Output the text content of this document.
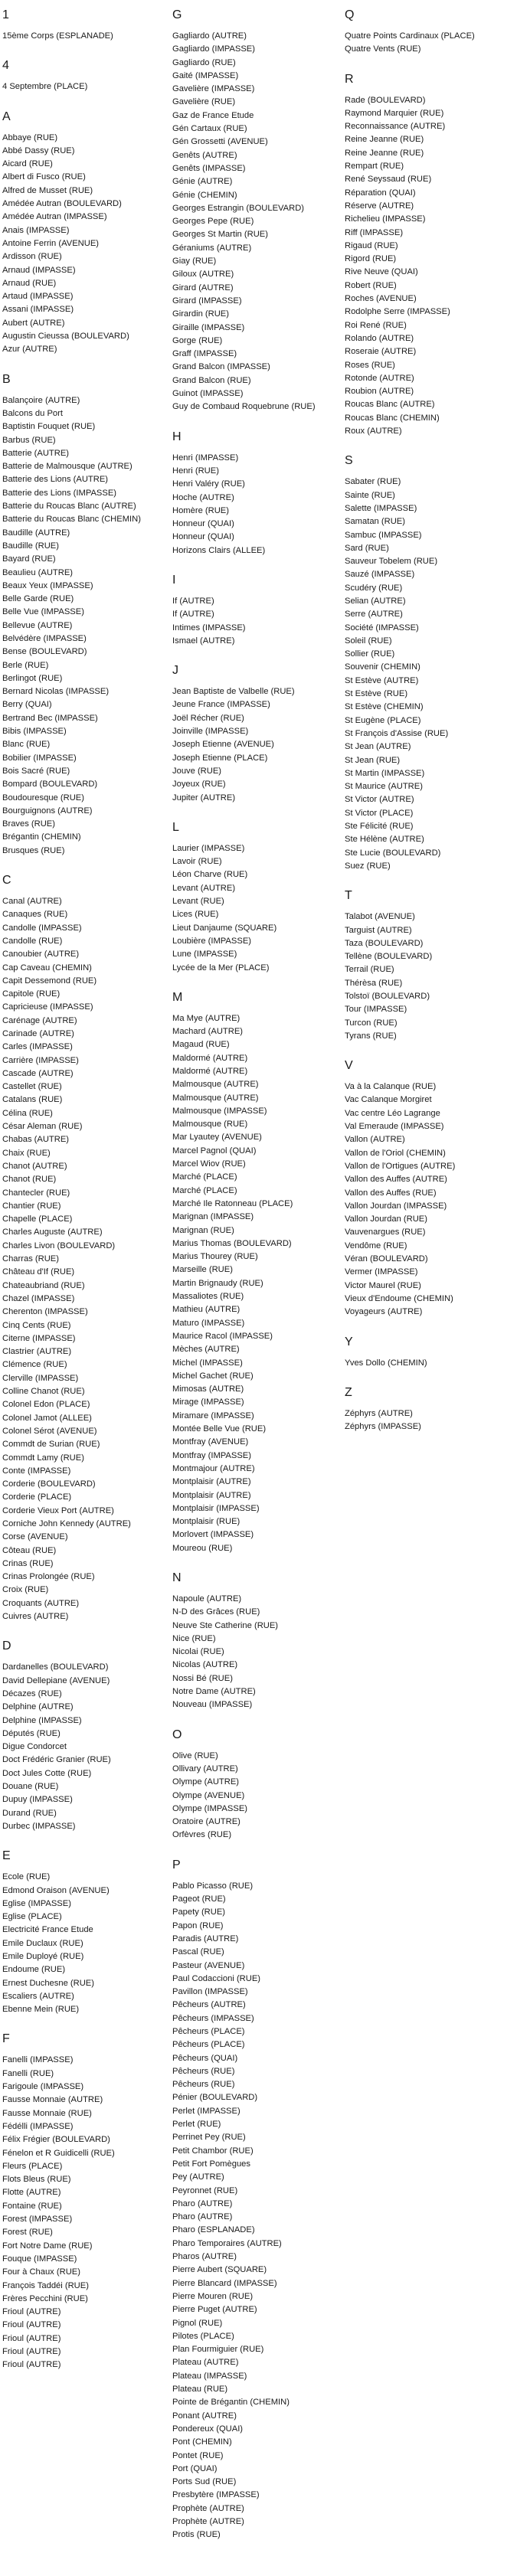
1
15ème Corps (ESPLANADE)
4
4 Septembre (PLACE)
A
Abbaye (RUE)
Abbé Dassy (RUE)
Aicard (RUE)
Albert di Fusco (RUE)
Alfred de Musset (RUE)
Amédée Autran (BOULEVARD)
Amédée Autran (IMPASSE)
Anais (IMPASSE)
Antoine Ferrin (AVENUE)
Ardisson (RUE)
Arnaud (IMPASSE)
Arnaud (RUE)
Artaud (IMPASSE)
Assani (IMPASSE)
Aubert (AUTRE)
Augustin Cieussa (BOULEVARD)
Azur (AUTRE)
B
Balançoire (AUTRE)
Balcons du Port
Baptistin Fouquet (RUE)
Barbus (RUE)
Batterie (AUTRE)
Batterie de Malmousque (AUTRE)
Batterie des Lions (AUTRE)
Batterie des Lions (IMPASSE)
Batterie du Roucas Blanc (AUTRE)
Batterie du Roucas Blanc (CHEMIN)
Baudille (AUTRE)
Baudille (RUE)
Bayard (RUE)
Beaulieu (AUTRE)
Beaux Yeux (IMPASSE)
Belle Garde (RUE)
Belle Vue (IMPASSE)
Bellevue (AUTRE)
Belvédère (IMPASSE)
Bense (BOULEVARD)
Berle (RUE)
Berlingot (RUE)
Bernard Nicolas (IMPASSE)
Berry (QUAI)
Bertrand Bec (IMPASSE)
Bibis (IMPASSE)
Blanc (RUE)
Bobilier (IMPASSE)
Bois Sacré (RUE)
Bompard (BOULEVARD)
Boudouresque (RUE)
Bourguignons (AUTRE)
Braves (RUE)
Brégantin (CHEMIN)
Brusques (RUE)
C
Canal (AUTRE)
Canaques (RUE)
Candolle (IMPASSE)
Candolle (RUE)
Canoubier (AUTRE)
Cap Caveau (CHEMIN)
Capit Dessemond (RUE)
Capitole (RUE)
Capricieuse (IMPASSE)
Carénage (AUTRE)
Carinade (AUTRE)
Carles (IMPASSE)
Carrière (IMPASSE)
Cascade (AUTRE)
Castellet (RUE)
Catalans (RUE)
Célina (RUE)
César Aleman (RUE)
Chabas (AUTRE)
Chaix (RUE)
Chanot (AUTRE)
Chanot (RUE)
Chantecler (RUE)
Chantier (RUE)
Chapelle (PLACE)
Charles Auguste (AUTRE)
Charles Livon (BOULEVARD)
Charras (RUE)
Château d'If (RUE)
Chateaubriand (RUE)
Chazel (IMPASSE)
Cherenton (IMPASSE)
Cinq Cents (RUE)
Citerne (IMPASSE)
Clastrier (AUTRE)
Clémence (RUE)
Clerville (IMPASSE)
Colline Chanot (RUE)
Colonel Edon (PLACE)
Colonel Jamot (ALLEE)
Colonel Sérot (AVENUE)
Commdt de Surian (RUE)
Commdt Lamy (RUE)
Conte (IMPASSE)
Corderie (BOULEVARD)
Corderie (PLACE)
Corderie Vieux Port (AUTRE)
Corniche John Kennedy (AUTRE)
Corse (AVENUE)
Côteau (RUE)
Crinas (RUE)
Crinas Prolongée (RUE)
Croix (RUE)
Croquants (AUTRE)
Cuivres (AUTRE)
D
Dardanelles (BOULEVARD)
David Dellepiane (AVENUE)
Décazes (RUE)
Delphine (AUTRE)
Delphine (IMPASSE)
Députés (RUE)
Digue Condorcet
Doct Frédéric Granier (RUE)
Doct Jules Cotte (RUE)
Douane (RUE)
Dupuy (IMPASSE)
Durand (RUE)
Durbec (IMPASSE)
E
Ecole (RUE)
Edmond Oraison (AVENUE)
Eglise (IMPASSE)
Eglise (PLACE)
Electricité France Etude
Emile Duclaux (RUE)
Emile Duployé (RUE)
Endoume (RUE)
Ernest Duchesne (RUE)
Escaliers (AUTRE)
Ebenne Mein (RUE)
F
Fanelli (IMPASSE)
Fanelli (RUE)
Farigoule (IMPASSE)
Fausse Monnaie (AUTRE)
Fausse Monnaie (RUE)
Fédélli (IMPASSE)
Félix Frégier (BOULEVARD)
Fénelon et R Guidicelli (RUE)
Fleurs (PLACE)
Flots Bleus (RUE)
Flotte (AUTRE)
Fontaine (RUE)
Forest (IMPASSE)
Forest (RUE)
Fort Notre Dame (RUE)
Fouque (IMPASSE)
Four à Chaux (RUE)
François Taddéi (RUE)
Frères Pecchini (RUE)
Frioul (AUTRE)
Frioul (AUTRE)
Frioul (AUTRE)
Frioul (AUTRE)
Frioul (AUTRE)
G
Gagliardo (AUTRE)
Gagliardo (IMPASSE)
Gagliardo (RUE)
Gaité (IMPASSE)
Gavelière (IMPASSE)
Gavelière (RUE)
Gaz de France Etude
Gén Cartaux (RUE)
Gén Grossetti (AVENUE)
Genêts (AUTRE)
Genêts (IMPASSE)
Génie (AUTRE)
Génie (CHEMIN)
Georges Estrangin (BOULEVARD)
Georges Pepe (RUE)
Georges St Martin (RUE)
Géraniums (AUTRE)
Giay (RUE)
Giloux (AUTRE)
Girard (AUTRE)
Girard (IMPASSE)
Girardin (RUE)
Giraille (IMPASSE)
Gorge (RUE)
Graff (IMPASSE)
Grand Balcon (IMPASSE)
Grand Balcon (RUE)
Guinot (IMPASSE)
Guy de Combaud Roquebrune (RUE)
H
Henri (IMPASSE)
Henri (RUE)
Henri Valéry (RUE)
Hoche (AUTRE)
Homère (RUE)
Honneur (QUAI)
Honneur (QUAI)
Horizons Clairs (ALLEE)
I
If (AUTRE)
If (AUTRE)
Intimes (IMPASSE)
Ismael (AUTRE)
J
Jean Baptiste de Valbelle (RUE)
Jeune France (IMPASSE)
Joël Récher (RUE)
Joinville (IMPASSE)
Joseph Etienne (AVENUE)
Joseph Etienne (PLACE)
Jouve (RUE)
Joyeux (RUE)
Jupiter (AUTRE)
L
Laurier (IMPASSE)
Lavoir (RUE)
Léon Charve (RUE)
Levant (AUTRE)
Levant (RUE)
Lices (RUE)
Lieut Danjaume (SQUARE)
Loubière (IMPASSE)
Lune (IMPASSE)
Lycée de la Mer (PLACE)
M
Ma Mye (AUTRE)
Machard (AUTRE)
Magaud (RUE)
Maldormé (AUTRE)
Maldormé (AUTRE)
Malmousque (AUTRE)
Malmousque (AUTRE)
Malmousque (IMPASSE)
Malmousque (RUE)
Mar Lyautey (AVENUE)
Marcel Pagnol (QUAI)
Marcel Wiov (RUE)
Marché (PLACE)
Marché (PLACE)
Marché Ile Ratonneau (PLACE)
Marignan (IMPASSE)
Marignan (RUE)
Marius Thomas (BOULEVARD)
Marius Thourey (RUE)
Marseille (RUE)
Martin Brignaudy (RUE)
Massaliotes (RUE)
Mathieu (AUTRE)
Maturo (IMPASSE)
Maurice Racol (IMPASSE)
Mèches (AUTRE)
Michel (IMPASSE)
Michel Gachet (RUE)
Mimosas (AUTRE)
Mirage (IMPASSE)
Miramare (IMPASSE)
Montée Belle Vue (RUE)
Montfray (AVENUE)
Montfray (IMPASSE)
Montmajour (AUTRE)
Montplaisir (AUTRE)
Montplaisir (AUTRE)
Montplaisir (IMPASSE)
Montplaisir (RUE)
Morlovert (IMPASSE)
Moureou (RUE)
N
Napoule (AUTRE)
N-D des Grâces (RUE)
Neuve Ste Catherine (RUE)
Nice (RUE)
Nicolai (RUE)
Nicolas (AUTRE)
Nossi Bé (RUE)
Notre Dame (AUTRE)
Nouveau (IMPASSE)
O
Olive (RUE)
Ollivary (AUTRE)
Olympe (AUTRE)
Olympe (AVENUE)
Olympe (IMPASSE)
Oratoire (AUTRE)
Orfèvres (RUE)
P
Pablo Picasso (RUE)
Pageot (RUE)
Papety (RUE)
Papon (RUE)
Paradis (AUTRE)
Pascal (RUE)
Pasteur (AVENUE)
Paul Codaccioni (RUE)
Pavillon (IMPASSE)
Pêcheurs (AUTRE)
Pêcheurs (IMPASSE)
Pêcheurs (PLACE)
Pêcheurs (PLACE)
Pêcheurs (QUAI)
Pêcheurs (RUE)
Pêcheurs (RUE)
Pénier (BOULEVARD)
Perlet (IMPASSE)
Perlet (RUE)
Perrinet Pey (RUE)
Petit Chambor (RUE)
Petit Fort Pomègues
Pey (AUTRE)
Peyronnet (RUE)
Pharo (AUTRE)
Pharo (AUTRE)
Pharo (ESPLANADE)
Pharo Temporaires (AUTRE)
Pharos (AUTRE)
Pierre Aubert (SQUARE)
Pierre Blancard (IMPASSE)
Pierre Mouren (RUE)
Pierre Puget (AUTRE)
Pignol (RUE)
Pilotes (PLACE)
Plan Fourmiguier (RUE)
Plateau (AUTRE)
Plateau (IMPASSE)
Plateau (RUE)
Pointe de Brégantin (CHEMIN)
Ponant (AUTRE)
Pondereux (QUAI)
Pont (CHEMIN)
Pontet (RUE)
Port (QUAI)
Ports Sud (RUE)
Presbytère (IMPASSE)
Prophète (AUTRE)
Prophète (AUTRE)
Protis (RUE)
Q
Quatre Points Cardinaux (PLACE)
Quatre Vents (RUE)
R
Rade (BOULEVARD)
Raymond Marquier (RUE)
Reconnaissance (AUTRE)
Reine Jeanne (RUE)
Reine Jeanne (RUE)
Rempart (RUE)
René Seyssaud (RUE)
Réparation (QUAI)
Réserve (AUTRE)
Richelieu (IMPASSE)
Riff (IMPASSE)
Rigaud (RUE)
Rigord (RUE)
Rive Neuve (QUAI)
Robert (RUE)
Roches (AVENUE)
Rodolphe Serre (IMPASSE)
Roi René (RUE)
Rolando (AUTRE)
Roseraie (AUTRE)
Roses (RUE)
Rotonde (AUTRE)
Roubion (AUTRE)
Roucas Blanc (AUTRE)
Roucas Blanc (CHEMIN)
Roux (AUTRE)
S
Sabater (RUE)
Sainte (RUE)
Salette (IMPASSE)
Samatan (RUE)
Sambuc (IMPASSE)
Sard (RUE)
Sauveur Tobelem (RUE)
Sauzé (IMPASSE)
Scudéry (RUE)
Selian (AUTRE)
Serre (AUTRE)
Société (IMPASSE)
Soleil (RUE)
Sollier (RUE)
Souvenir (CHEMIN)
St Estève (AUTRE)
St Estève (RUE)
St Estève (CHEMIN)
St Eugène (PLACE)
St François d'Assise (RUE)
St Jean (AUTRE)
St Jean (RUE)
St Martin (IMPASSE)
St Maurice (AUTRE)
St Victor (AUTRE)
St Victor (PLACE)
Ste Félicité (RUE)
Ste Hélène (AUTRE)
Ste Lucie (BOULEVARD)
Suez (RUE)
T
Talabot (AVENUE)
Targuist (AUTRE)
Taza (BOULEVARD)
Tellène (BOULEVARD)
Terrail (RUE)
Thérèsa (RUE)
Tolstoï (BOULEVARD)
Tour (IMPASSE)
Turcon (RUE)
Tyrans (RUE)
V
Va à la Calanque (RUE)
Vac Calanque Morgiret
Vac centre Léo Lagrange
Val Emeraude (IMPASSE)
Vallon (AUTRE)
Vallon de l'Oriol (CHEMIN)
Vallon de l'Ortigues (AUTRE)
Vallon des Auffes (AUTRE)
Vallon des Auffes (RUE)
Vallon Jourdan (IMPASSE)
Vallon Jourdan (RUE)
Vauvenargues (RUE)
Vendôme (RUE)
Véran (BOULEVARD)
Vermer (IMPASSE)
Victor Maurel (RUE)
Vieux d'Endoume (CHEMIN)
Voyageurs (AUTRE)
Y
Yves Dollo (CHEMIN)
Z
Zéphyrs (AUTRE)
Zéphyrs (IMPASSE)
